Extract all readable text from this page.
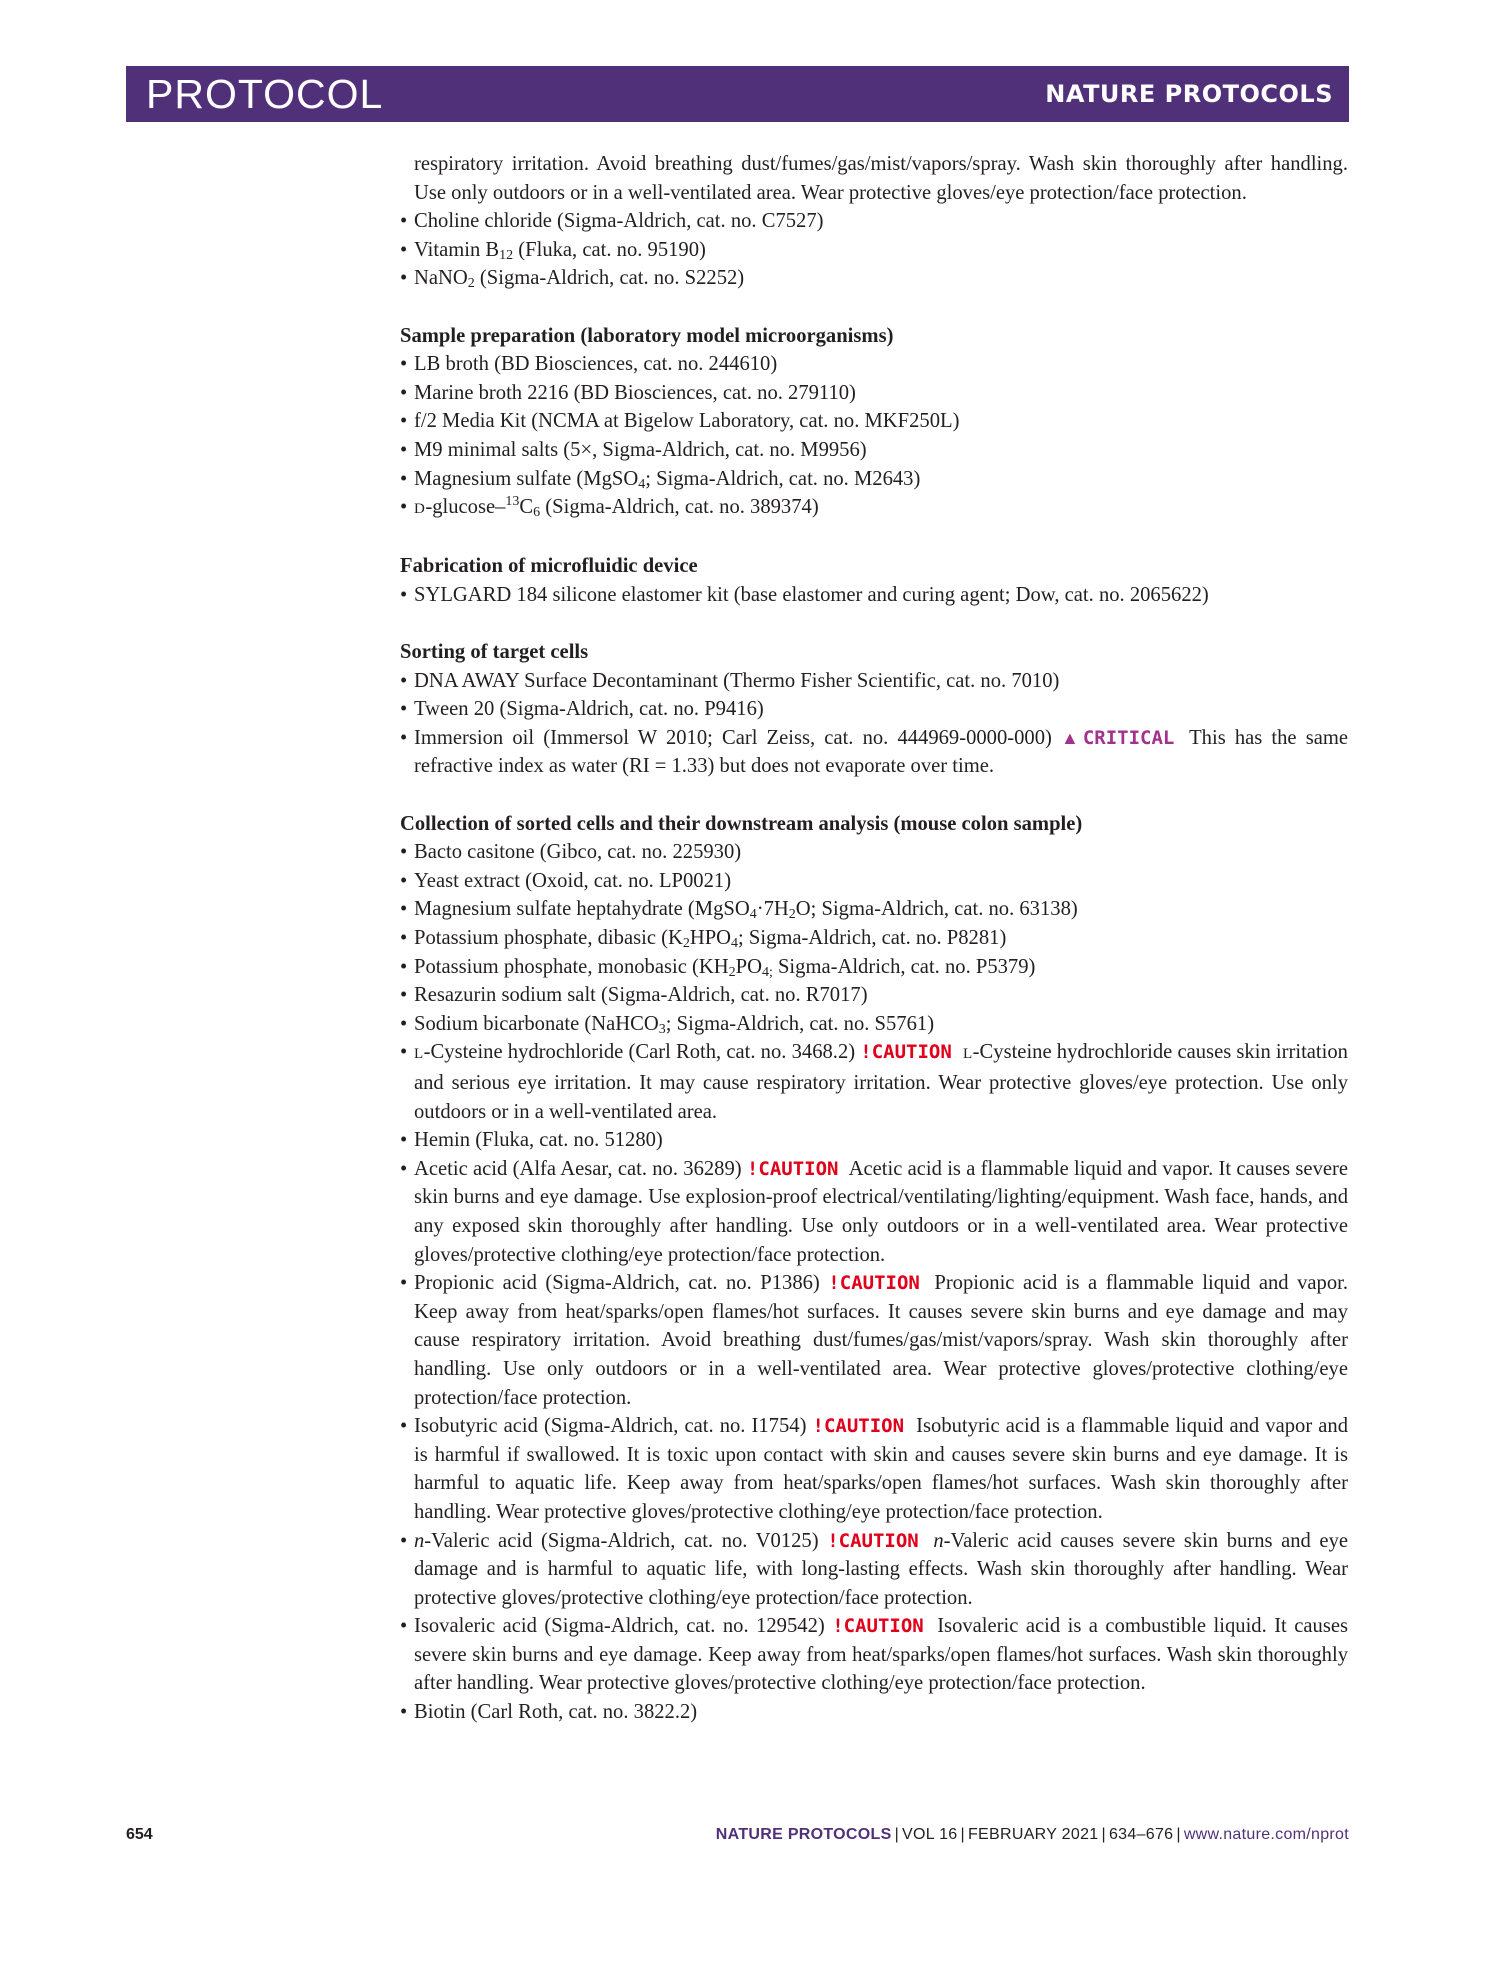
PROTOCOL	NATURE PROTOCOLS

respiratory irritation. Avoid breathing dust/fumes/gas/mist/vapors/spray. Wash skin thoroughly after handling. Use only outdoors or in a well-ventilated area. Wear protective gloves/eye protection/face protection.

• Choline chloride (Sigma-Aldrich, cat. no. C7527)

• Vitamin $B_{12}$ (Fluka, cat. no. 95190)

• NaNO$_2$ (Sigma-Aldrich, cat. no. S2252)

Sample preparation (laboratory model microorganisms)

• LB broth (BD Biosciences, cat. no. 244610)

• Marine broth 2216 (BD Biosciences, cat. no. 279110)

• f/2 Media Kit (NCMA at Bigelow Laboratory, cat. no. MKF250L)

• M9 minimal salts (5×, Sigma-Aldrich, cat. no. M9956)

• Magnesium sulfate (MgSO$_4$; Sigma-Aldrich, cat. no. M2643)

• $D-glucose-^{13}C_6$ (Sigma-Aldrich, cat. no. 389374)

Fabrication of microfluidic device

• SYLGARD 184 silicone elastomer kit (base elastomer and curing agent; Dow, cat. no. 2065622)

Sorting of target cells

• DNA AWAY Surface Decontaminant (Thermo Fisher Scientific, cat. no. 7010)

• Tween 20 (Sigma-Aldrich, cat. no. P9416)

• Immersion oil (Immersol W 2010; Carl Zeiss, cat. no. 444969-0000-000) ▲CRITICAL This has the same refractive index as water (RI = 1.33) but does not evaporate over time.

Collection of sorted cells and their downstream analysis (mouse colon sample)

• Bacto casitone (Gibco, cat. no. 225930)

• Yeast extract (Oxoid, cat. no. LP0021)

• Magnesium sulfate heptahydrate ($MgSO_4\cdot 7H_2O$; Sigma-Aldrich, cat. no. 63138)

• Potassium phosphate, dibasic ($K_2HPO_4$; Sigma-Aldrich, cat. no. P8281)

• Potassium phosphate, monobasic ($KH_2PO_{4;}$ Sigma-Aldrich, cat. no. P5379)

• Resazurin sodium salt (Sigma-Aldrich, cat. no. R7017)

• Sodium bicarbonate (NaHCO$_3$; Sigma-Aldrich, cat. no. S5761)

• L-Cysteine hydrochloride (Carl Roth, cat. no. 3468.2) !CAUTION L-Cysteine hydrochloride causes skin irritation and serious eye irritation. It may cause respiratory irritation. Wear protective gloves/eye protection. Use only outdoors or in a well-ventilated area.

• Hemin (Fluka, cat. no. 51280)

• Acetic acid (Alfa Aesar, cat. no. 36289) !CAUTION Acetic acid is a flammable liquid and vapor. It causes severe skin burns and eye damage. Use explosion-proof electrical/ventilating/lighting/equipment. Wash face, hands, and any exposed skin thoroughly after handling. Use only outdoors or in a well-ventilated area. Wear protective gloves/protective clothing/eye protection/face protection.

• Propionic acid (Sigma-Aldrich, cat. no. P1386) !CAUTION Propionic acid is a flammable liquid and vapor. Keep away from heat/sparks/open flames/hot surfaces. It causes severe skin burns and eye damage and may cause respiratory irritation. Avoid breathing dust/fumes/gas/mist/vapors/spray. Wash skin thoroughly after handling. Use only outdoors or in a well-ventilated area. Wear protective gloves/protective clothing/eye protection/face protection.

• Isobutyric acid (Sigma-Aldrich, cat. no. I1754) !CAUTION Isobutyric acid is a flammable liquid and vapor and is harmful if swallowed. It is toxic upon contact with skin and causes severe skin burns and eye damage. It is harmful to aquatic life. Keep away from heat/sparks/open flames/hot surfaces. Wash skin thoroughly after handling. Wear protective gloves/protective clothing/eye protection/face protection.

• n-Valeric acid (Sigma-Aldrich, cat. no. V0125) !CAUTION n-Valeric acid causes severe skin burns and eye damage and is harmful to aquatic life, with long-lasting effects. Wash skin thoroughly after handling. Wear protective gloves/protective clothing/eye protection/face protection.

• Isovaleric acid (Sigma-Aldrich, cat. no. 129542) !CAUTION Isovaleric acid is a combustible liquid. It causes severe skin burns and eye damage. Keep away from heat/sparks/open flames/hot surfaces. Wash skin thoroughly after handling. Wear protective gloves/protective clothing/eye protection/face protection.

• Biotin (Carl Roth, cat. no. 3822.2)

654	NATURE PROTOCOLS | VOL 16 | FEBRUARY 2021 | 634–676 | www.nature.com/nprot
